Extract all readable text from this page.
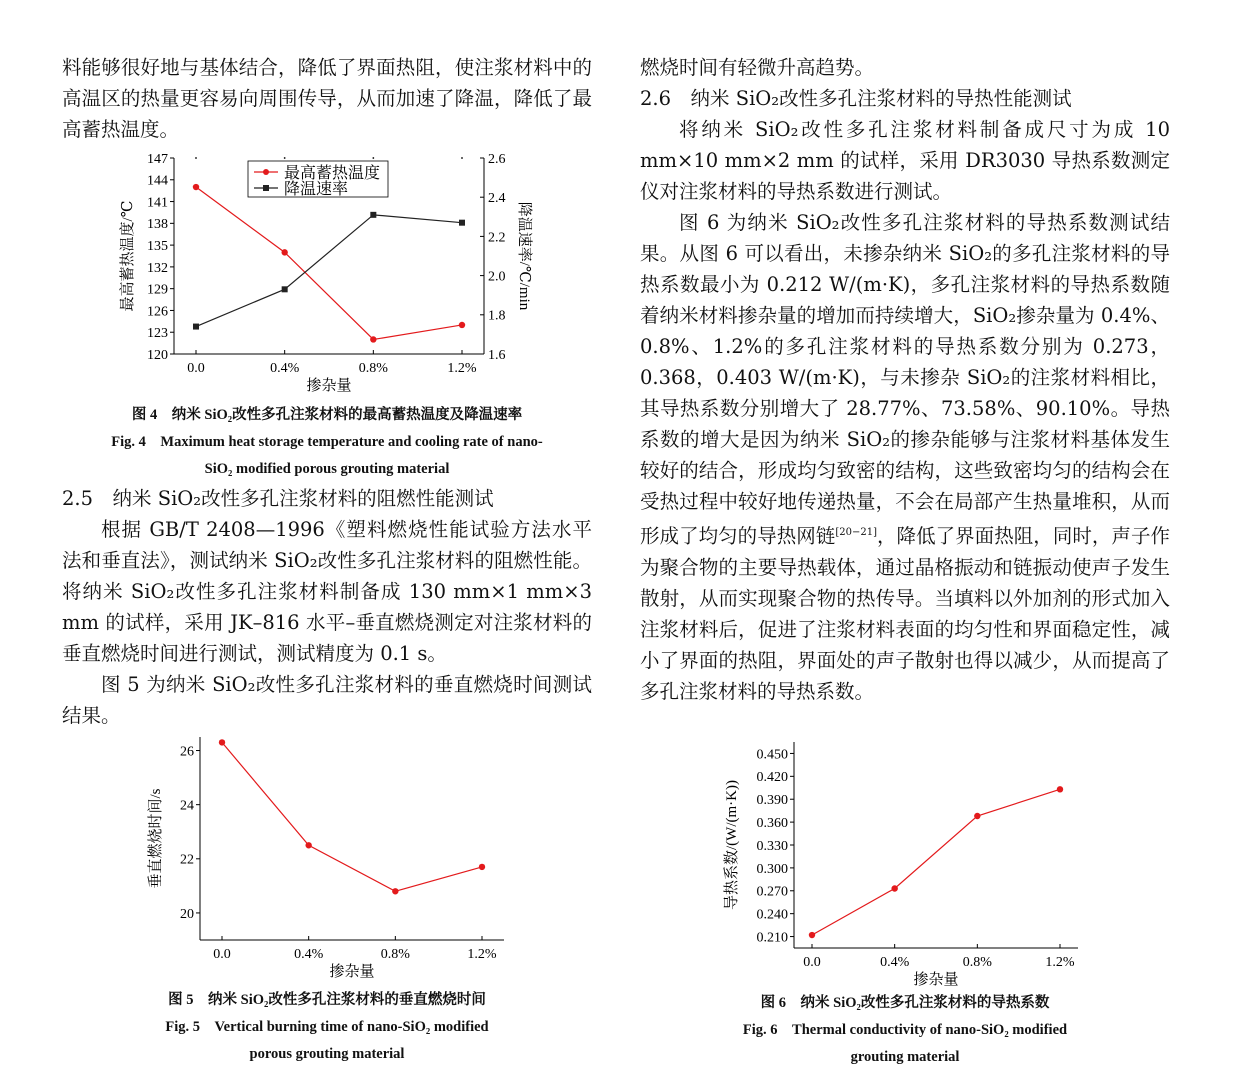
料能够很好地与基体结合，降低了界面热阻，使注浆材料中的高温区的热量更容易向周围传导，从而加速了降温，降低了最高蓄热温度。

2.5　纳米 SiO₂改性多孔注浆材料的阻燃性能测试

根据 GB/T 2408—1996《塑料燃烧性能试验方法水平法和垂直法》，测试纳米 SiO₂改性多孔注浆材料的阻燃性能。将纳米 SiO₂改性多孔注浆材料制备成 130 mm×1 mm×3 mm 的试样，采用 JK–816 水平–垂直燃烧测定对注浆材料的垂直燃烧时间进行测试，测试精度为 0.1 s。

图 5 为纳米 SiO₂改性多孔注浆材料的垂直燃烧时间测试结果。

燃烧时间有轻微升高趋势。

2.6　纳米 SiO₂改性多孔注浆材料的导热性能测试

将纳米 SiO₂改性多孔注浆材料制备成尺寸为成 10 mm×10 mm×2 mm 的试样，采用 DR3030 导热系数测定仪对注浆材料的导热系数进行测试。

图 6 为纳米 SiO₂改性多孔注浆材料的导热系数测试结果。从图 6 可以看出，未掺杂纳米 SiO₂的多孔注浆材料的导热系数最小为 0.212 W/(m·K)，多孔注浆材料的导热系数随着纳米材料掺杂量的增加而持续增大，SiO₂掺杂量为 0.4%、0.8%、1.2%的多孔注浆材料的导热系数分别为 0.273，0.368，0.403 W/(m·K)，与未掺杂 SiO₂的注浆材料相比，其导热系数分别增大了 28.77%、73.58%、90.10%。导热系数的增大是因为纳米 SiO₂的掺杂能够与注浆材料基体发生较好的结合，形成均匀致密的结构，这些致密均匀的结构会在受热过程中较好地传递热量，不会在局部产生热量堆积，从而形成了均匀的导热网链[20−21]，降低了界面热阻，同时，声子作为聚合物的主要导热载体，通过晶格振动和链振动使声子发生散射，从而实现聚合物的热传导。当填料以外加剂的形式加入注浆材料后，促进了注浆材料表面的均匀性和界面稳定性，减小了界面的热阻，界面处的声子散射也得以减少，从而提高了多孔注浆材料的导热系数。

120
123
126
129
132
135
138
141
144
147
1.6
1.8
2.0
2.2
2.4
2.6
0.0	0.4%	0.8%	1.2%
掺杂量
最高蓄热温度/℃	降温速率/℃/min
最高蓄热温度
降温速率
图 4　纳米 SiO₂改性多孔注浆材料的最高蓄热温度及降温速率
Fig. 4　Maximum heat storage temperature and cooling rate of nano-
SiO₂ modified porous grouting material
20
22
24
26
0.0	0.4%	0.8%	1.2%
掺杂量
垂直燃烧时间/s
图 5　纳米 SiO₂改性多孔注浆材料的垂直燃烧时间
Fig. 5　Vertical burning time of nano-SiO₂ modified
porous grouting material
0.210
0.240
0.270
0.300
0.330
0.360
0.390
0.420
0.450
0.0	0.4%	0.8%	1.2%
掺杂量
导热系数/(W/(m·K))
图 6　纳米 SiO₂改性多孔注浆材料的导热系数
Fig. 6　Thermal conductivity of nano-SiO₂ modified
grouting material
